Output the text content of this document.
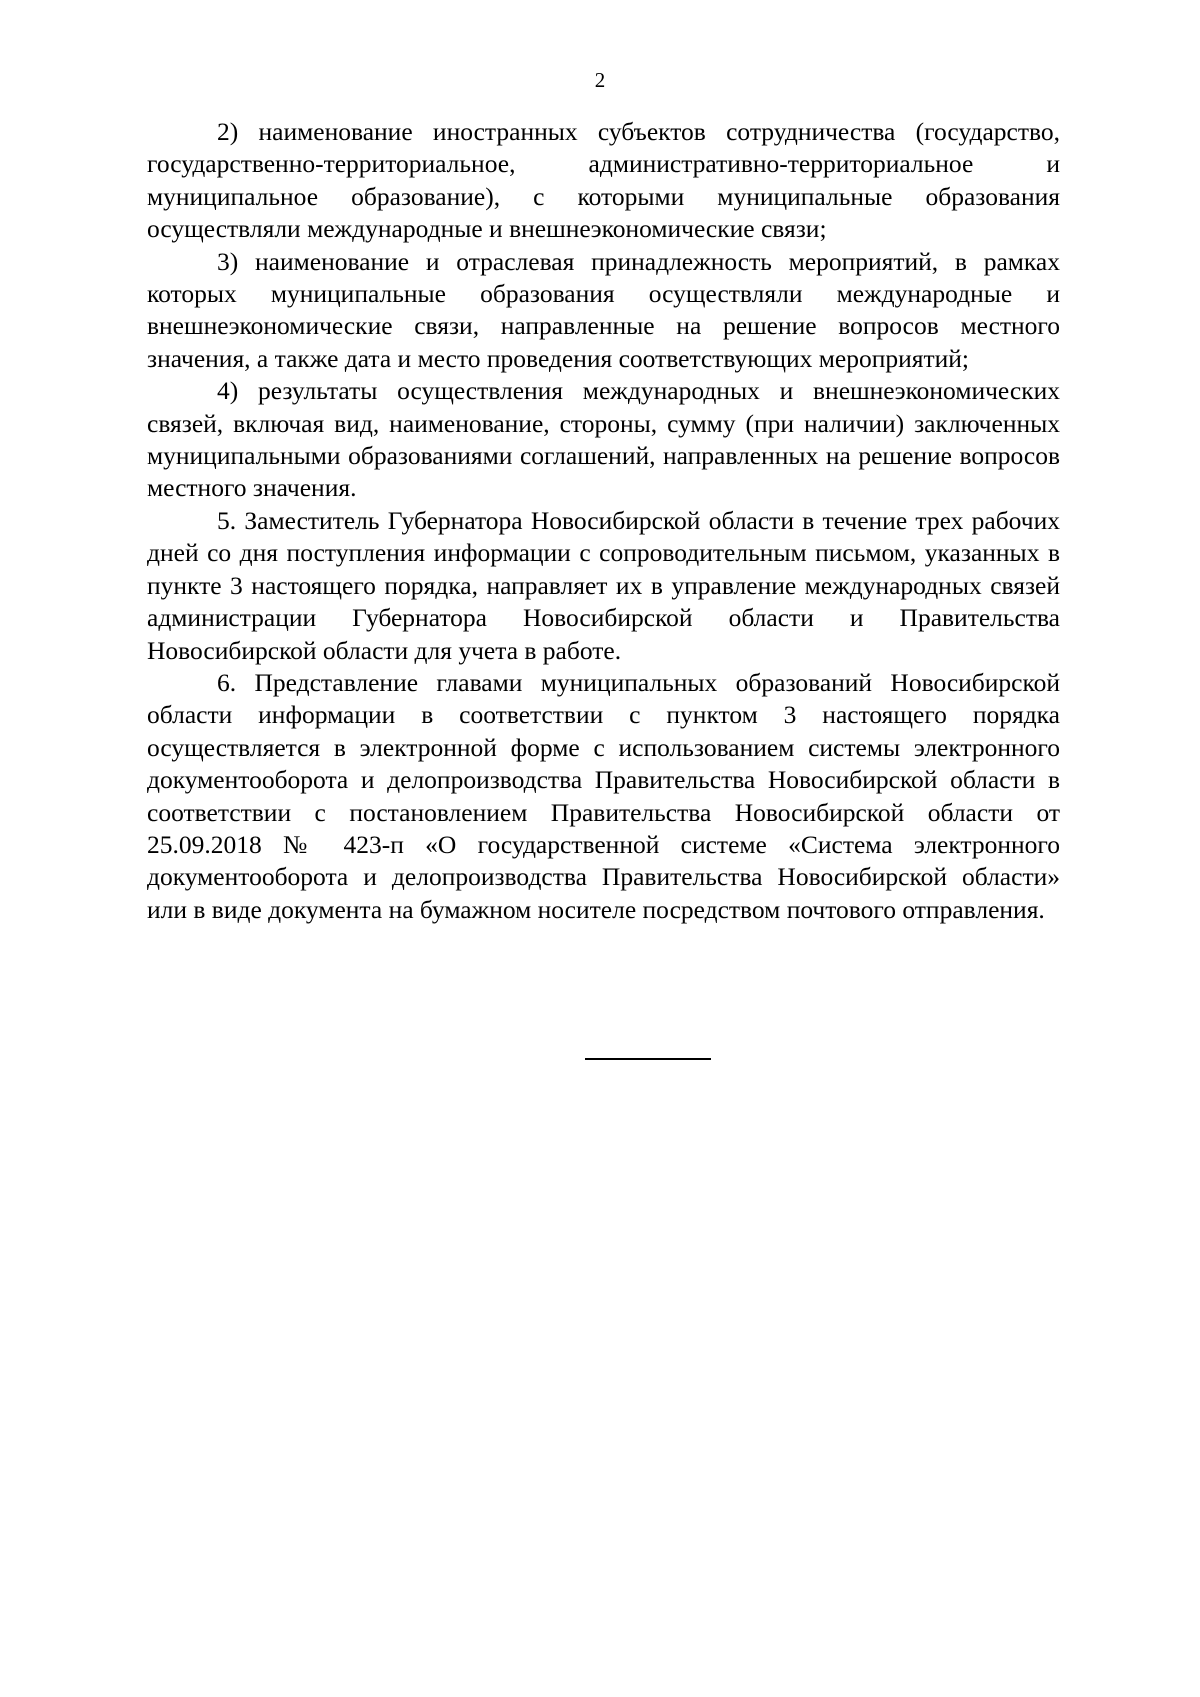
2

2) наименование иностранных субъектов сотрудничества (государство, государственно-территориальное, административно-территориальное и муниципальное образование), с которыми муниципальные образования осуществляли международные и внешнеэкономические связи;

3) наименование и отраслевая принадлежность мероприятий, в рамках которых муниципальные образования осуществляли международные и внешнеэкономические связи, направленные на решение вопросов местного значения, а также дата и место проведения соответствующих мероприятий;

4) результаты осуществления международных и внешнеэкономических связей, включая вид, наименование, стороны, сумму (при наличии) заключенных муниципальными образованиями соглашений, направленных на решение вопросов местного значения.

5. Заместитель Губернатора Новосибирской области в течение трех рабочих дней со дня поступления информации с сопроводительным письмом, указанных в пункте 3 настоящего порядка, направляет их в управление международных связей администрации Губернатора Новосибирской области и Правительства Новосибирской области для учета в работе.

6. Представление главами муниципальных образований Новосибирской области информации в соответствии с пунктом 3 настоящего порядка осуществляется в электронной форме с использованием системы электронного документооборота и делопроизводства Правительства Новосибирской области в соответствии с постановлением Правительства Новосибирской области от 25.09.2018 № 423-п «О государственной системе «Система электронного документооборота и делопроизводства Правительства Новосибирской области» или в виде документа на бумажном носителе посредством почтового отправления.
